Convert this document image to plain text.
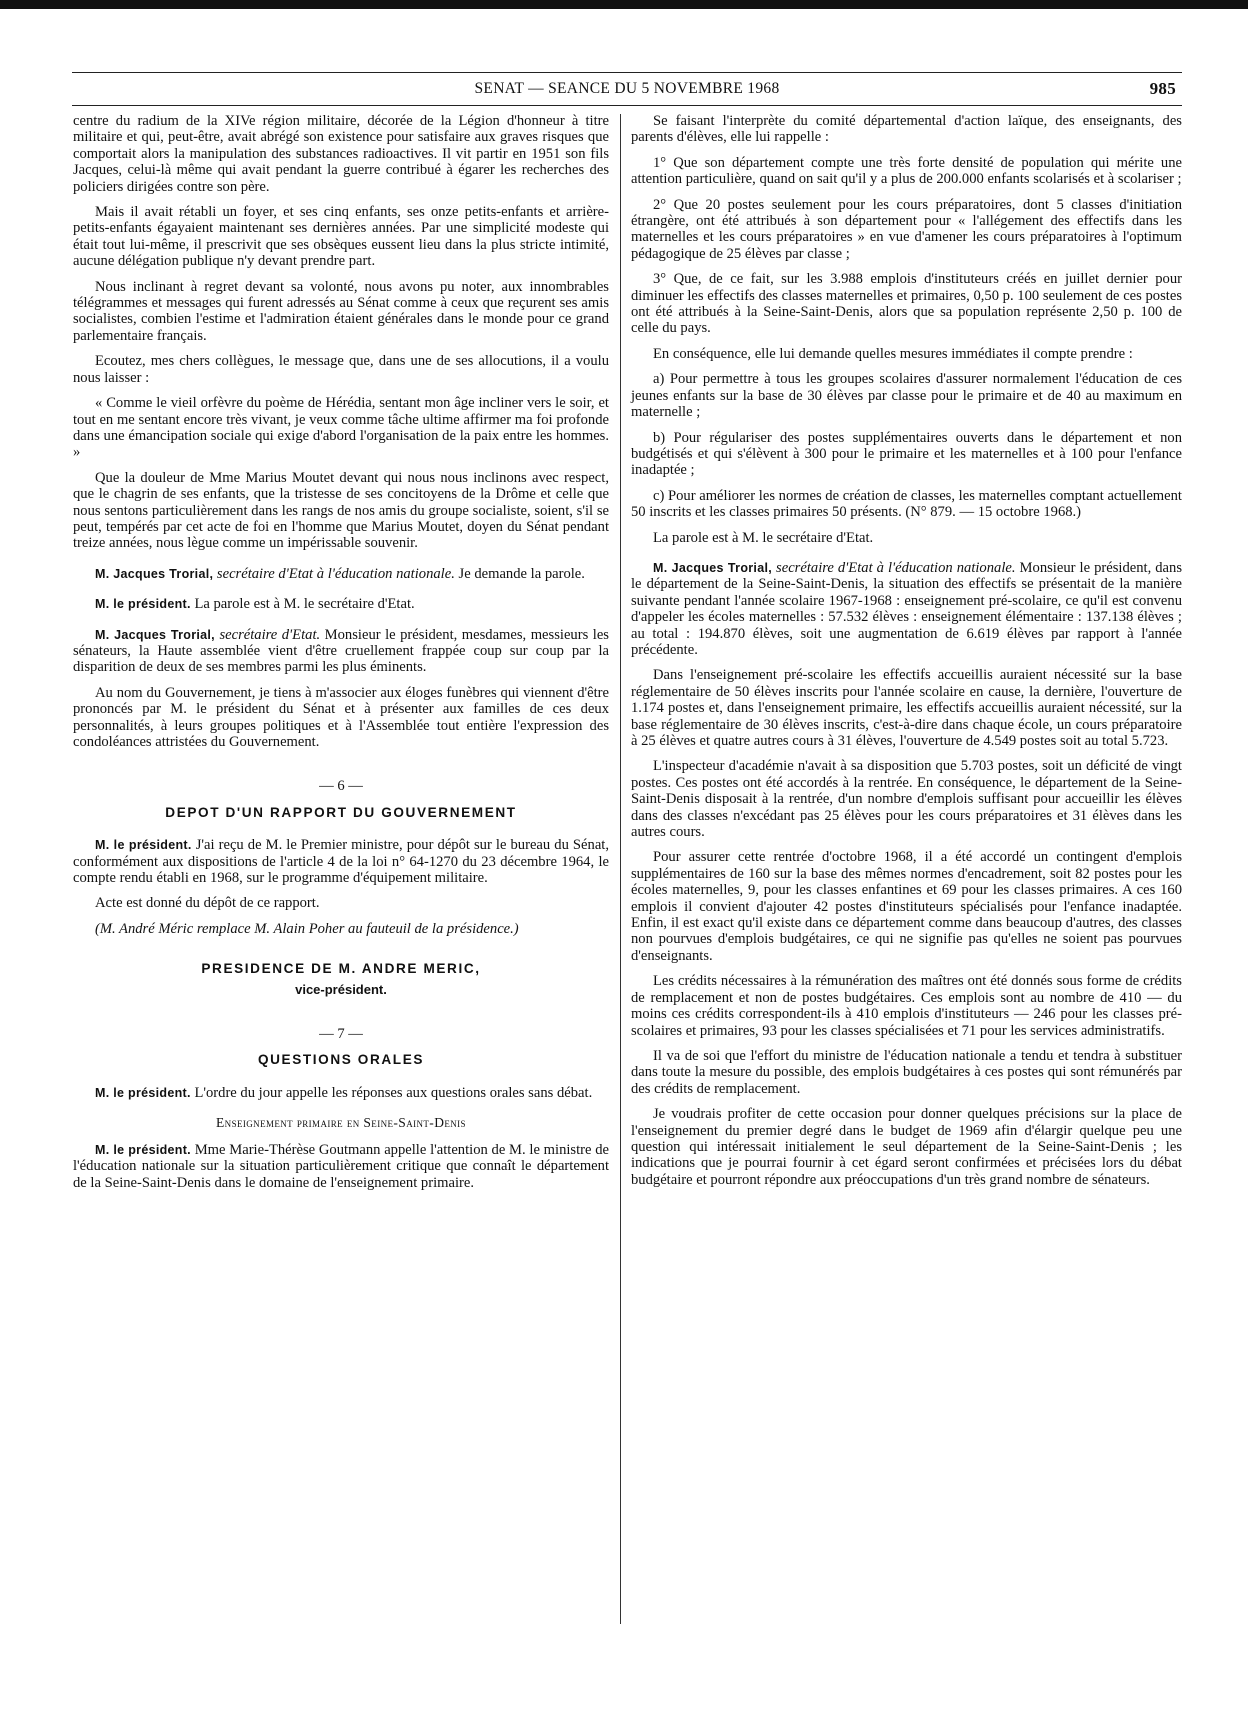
SENAT — SEANCE DU 5 NOVEMBRE 1968	985

centre du radium de la XIVe région militaire, décorée de la Légion d'honneur à titre militaire et qui, peut-être, avait abrégé son existence pour satisfaire aux graves risques que comportait alors la manipulation des substances radioactives. Il vit partir en 1951 son fils Jacques, celui-là même qui avait pendant la guerre contribué à égarer les recherches des policiers dirigées contre son père.

Mais il avait rétabli un foyer, et ses cinq enfants, ses onze petits-enfants et arrière-petits-enfants égayaient maintenant ses dernières années. Par une simplicité modeste qui était tout lui-même, il prescrivit que ses obsèques eussent lieu dans la plus stricte intimité, aucune délégation publique n'y devant prendre part.

Nous inclinant à regret devant sa volonté, nous avons pu noter, aux innombrables télégrammes et messages qui furent adressés au Sénat comme à ceux que reçurent ses amis socialistes, combien l'estime et l'admiration étaient générales dans le monde pour ce grand parlementaire français.

Ecoutez, mes chers collègues, le message que, dans une de ses allocutions, il a voulu nous laisser :

« Comme le vieil orfèvre du poème de Hérédia, sentant mon âge incliner vers le soir, et tout en me sentant encore très vivant, je veux comme tâche ultime affirmer ma foi profonde dans une émancipation sociale qui exige d'abord l'organisation de la paix entre les hommes. »

Que la douleur de Mme Marius Moutet devant qui nous nous inclinons avec respect, que le chagrin de ses enfants, que la tristesse de ses concitoyens de la Drôme et celle que nous sentons particulièrement dans les rangs de nos amis du groupe socialiste, soient, s'il se peut, tempérés par cet acte de foi en l'homme que Marius Moutet, doyen du Sénat pendant treize années, nous lègue comme un impérissable souvenir.

M. Jacques Trorial, secrétaire d'Etat à l'éducation nationale. Je demande la parole.

M. le président. La parole est à M. le secrétaire d'Etat.

M. Jacques Trorial, secrétaire d'Etat. Monsieur le président, mesdames, messieurs les sénateurs, la Haute assemblée vient d'être cruellement frappée coup sur coup par la disparition de deux de ses membres parmi les plus éminents.

Au nom du Gouvernement, je tiens à m'associer aux éloges funèbres qui viennent d'être prononcés par M. le président du Sénat et à présenter aux familles de ces deux personnalités, à leurs groupes politiques et à l'Assemblée tout entière l'expression des condoléances attristées du Gouvernement.

— 6 —
DEPOT D'UN RAPPORT DU GOUVERNEMENT

M. le président. J'ai reçu de M. le Premier ministre, pour dépôt sur le bureau du Sénat, conformément aux dispositions de l'article 4 de la loi n° 64-1270 du 23 décembre 1964, le compte rendu établi en 1968, sur le programme d'équipement militaire.

Acte est donné du dépôt de ce rapport.

(M. André Méric remplace M. Alain Poher au fauteuil de la présidence.)

PRESIDENCE DE M. ANDRE MERIC,
vice-président.
— 7 —
QUESTIONS ORALES

M. le président. L'ordre du jour appelle les réponses aux questions orales sans débat.

Enseignement primaire en Seine-Saint-Denis

M. le président. Mme Marie-Thérèse Goutmann appelle l'attention de M. le ministre de l'éducation nationale sur la situation particulièrement critique que connaît le département de la Seine-Saint-Denis dans le domaine de l'enseignement primaire.

Se faisant l'interprète du comité départemental d'action laïque, des enseignants, des parents d'élèves, elle lui rappelle :

1° Que son département compte une très forte densité de population qui mérite une attention particulière, quand on sait qu'il y a plus de 200.000 enfants scolarisés et à scolariser ;

2° Que 20 postes seulement pour les cours préparatoires, dont 5 classes d'initiation étrangère, ont été attribués à son département pour « l'allégement des effectifs dans les maternelles et les cours préparatoires » en vue d'amener les cours préparatoires à l'optimum pédagogique de 25 élèves par classe ;

3° Que, de ce fait, sur les 3.988 emplois d'instituteurs créés en juillet dernier pour diminuer les effectifs des classes maternelles et primaires, 0,50 p. 100 seulement de ces postes ont été attribués à la Seine-Saint-Denis, alors que sa population représente 2,50 p. 100 de celle du pays.

En conséquence, elle lui demande quelles mesures immédiates il compte prendre :

a) Pour permettre à tous les groupes scolaires d'assurer normalement l'éducation de ces jeunes enfants sur la base de 30 élèves par classe pour le primaire et de 40 au maximum en maternelle ;

b) Pour régulariser des postes supplémentaires ouverts dans le département et non budgétisés et qui s'élèvent à 300 pour le primaire et les maternelles et à 100 pour l'enfance inadaptée ;

c) Pour améliorer les normes de création de classes, les maternelles comptant actuellement 50 inscrits et les classes primaires 50 présents. (N° 879. — 15 octobre 1968.)

La parole est à M. le secrétaire d'Etat.

M. Jacques Trorial, secrétaire d'Etat à l'éducation nationale. Monsieur le président, dans le département de la Seine-Saint-Denis, la situation des effectifs se présentait de la manière suivante pendant l'année scolaire 1967-1968 : enseignement pré-scolaire, ce qu'il est convenu d'appeler les écoles maternelles : 57.532 élèves : enseignement élémentaire : 137.138 élèves ; au total : 194.870 élèves, soit une augmentation de 6.619 élèves par rapport à l'année précédente.

Dans l'enseignement pré-scolaire les effectifs accueillis auraient nécessité sur la base réglementaire de 50 élèves inscrits pour l'année scolaire en cause, la dernière, l'ouverture de 1.174 postes et, dans l'enseignement primaire, les effectifs accueillis auraient nécessité, sur la base réglementaire de 30 élèves inscrits, c'est-à-dire dans chaque école, un cours préparatoire à 25 élèves et quatre autres cours à 31 élèves, l'ouverture de 4.549 postes soit au total 5.723.

L'inspecteur d'académie n'avait à sa disposition que 5.703 postes, soit un déficité de vingt postes. Ces postes ont été accordés à la rentrée. En conséquence, le département de la Seine-Saint-Denis disposait à la rentrée, d'un nombre d'emplois suffisant pour accueillir les élèves dans des classes n'excédant pas 25 élèves pour les cours préparatoires et 31 élèves dans les autres cours.

Pour assurer cette rentrée d'octobre 1968, il a été accordé un contingent d'emplois supplémentaires de 160 sur la base des mêmes normes d'encadrement, soit 82 postes pour les écoles maternelles, 9, pour les classes enfantines et 69 pour les classes primaires. A ces 160 emplois il convient d'ajouter 42 postes d'instituteurs spécialisés pour l'enfance inadaptée. Enfin, il est exact qu'il existe dans ce département comme dans beaucoup d'autres, des classes non pourvues d'emplois budgétaires, ce qui ne signifie pas qu'elles ne soient pas pourvues d'enseignants.

Les crédits nécessaires à la rémunération des maîtres ont été donnés sous forme de crédits de remplacement et non de postes budgétaires. Ces emplois sont au nombre de 410 — du moins ces crédits correspondent-ils à 410 emplois d'instituteurs — 246 pour les classes pré-scolaires et primaires, 93 pour les classes spécialisées et 71 pour les services administratifs.

Il va de soi que l'effort du ministre de l'éducation nationale a tendu et tendra à substituer dans toute la mesure du possible, des emplois budgétaires à ces postes qui sont rémunérés par des crédits de remplacement.

Je voudrais profiter de cette occasion pour donner quelques précisions sur la place de l'enseignement du premier degré dans le budget de 1969 afin d'élargir quelque peu une question qui intéressait initialement le seul département de la Seine-Saint-Denis ; les indications que je pourrai fournir à cet égard seront confirmées et précisées lors du débat budgétaire et pourront répondre aux préoccupations d'un très grand nombre de sénateurs.
